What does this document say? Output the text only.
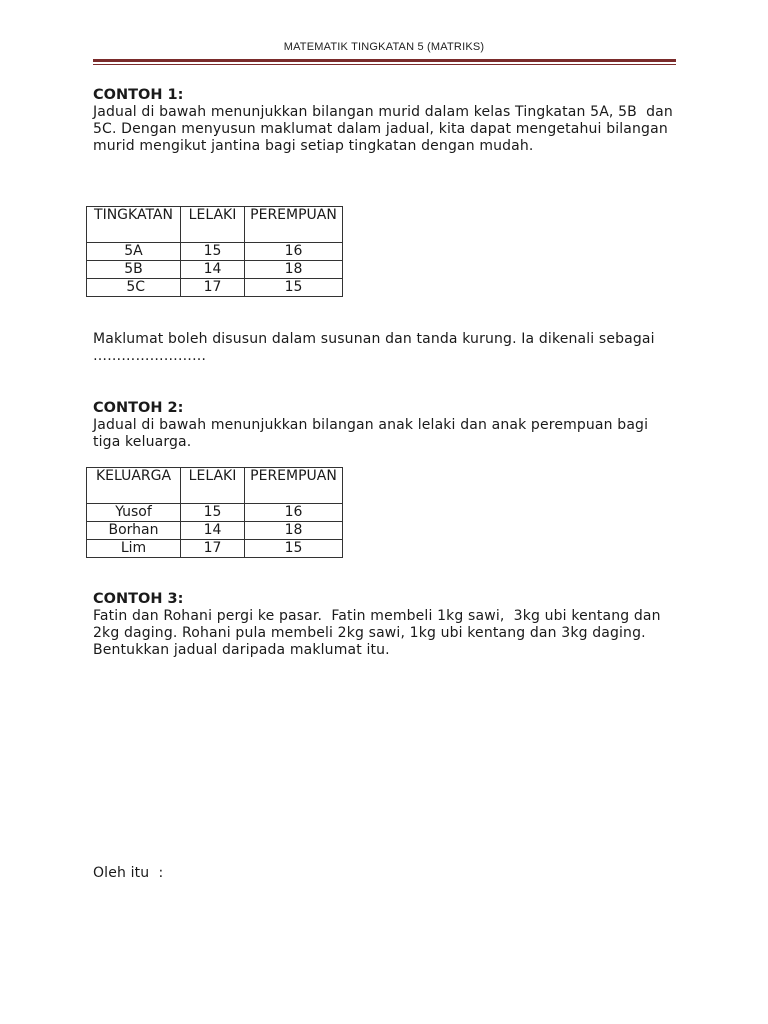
MATEMATIK TINGKATAN 5 (MATRIKS)
CONTOH 1:
Jadual di bawah menunjukkan bilangan murid dalam kelas Tingkatan 5A, 5B  dan 5C. Dengan menyusun maklumat dalam jadual, kita dapat mengetahui bilangan murid mengikut jantina bagi setiap tingkatan dengan mudah.
TINGKATAN	LELAKI	PEREMPUAN

5A	15	16
5B	14	18
5C	17	15
Maklumat boleh disusun dalam susunan dan tanda kurung. Ia dikenali sebagai  ……………………
CONTOH 2:
Jadual di bawah menunjukkan bilangan anak lelaki dan anak perempuan bagi tiga keluarga.
KELUARGA	LELAKI	PEREMPUAN

Yusof	15	16
Borhan	14	18
Lim	17	15
CONTOH 3:
Fatin dan Rohani pergi ke pasar.  Fatin membeli 1kg sawi,  3kg ubi kentang dan 2kg daging. Rohani pula membeli 2kg sawi, 1kg ubi kentang dan 3kg daging. Bentukkan jadual daripada maklumat itu.
Oleh itu  :
